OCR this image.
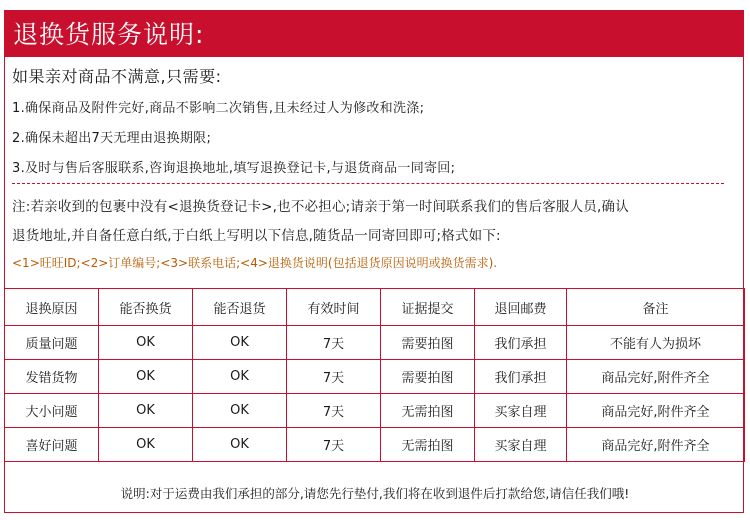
退换货服务说明:
如果亲对商品不满意,只需要:
1.确保商品及附件完好,商品不影响二次销售,且未经过人为修改和洗涤;
2.确保未超出7天无理由退换期限;
3.及时与售后客服联系,咨询退换地址,填写退换登记卡,与退货商品一同寄回;
注:若亲收到的包裹中没有<退换货登记卡>,也不必担心;请亲于第一时间联系我们的售后客服人员,确认
退货地址,并自备任意白纸,于白纸上写明以下信息,随货品一同寄回即可;格式如下:
<1>旺旺ID;<2>订单编号;<3>联系电话;<4>退换货说明(包括退货原因说明或换货需求).
退换原因	能否换货	能否退货	有效时间	证据提交	退回邮费	备注
质量问题	OK	OK	7天	需要拍图	我们承担	不能有人为损坏
发错货物	OK	OK	7天	需要拍图	我们承担	商品完好,附件齐全
大小问题	OK	OK	7天	无需拍图	买家自理	商品完好,附件齐全
喜好问题	OK	OK	7天	无需拍图	买家自理	商品完好,附件齐全
说明:对于运费由我们承担的部分,请您先行垫付,我们将在收到退件后打款给您,请信任我们哦!
